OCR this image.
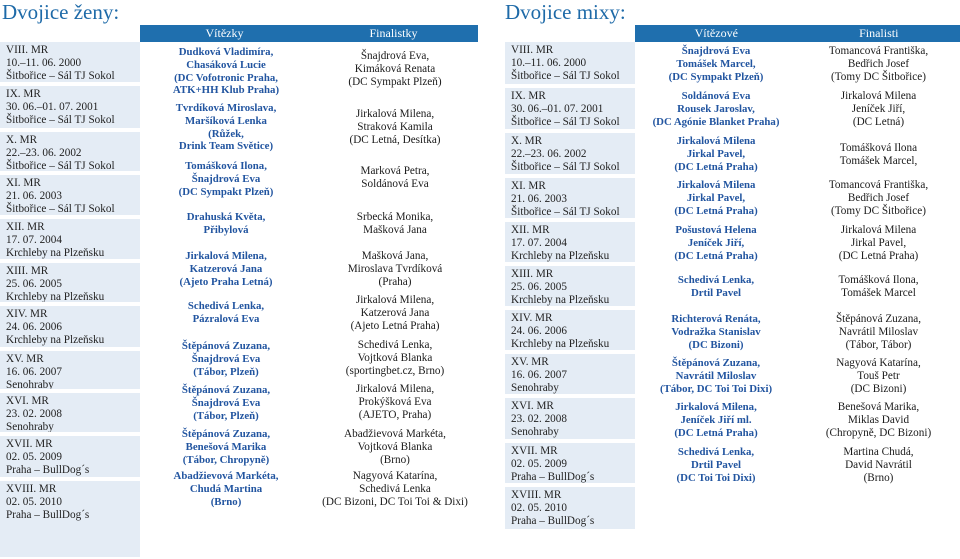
Dvojice ženy:
Vítězky	Finalistky
VIII. MR
10.–11. 06. 2000
Šitbořice – Sál TJ Sokol
IX. MR
30. 06.–01. 07. 2001
Šitbořice – Sál TJ Sokol
X. MR
22.–23. 06. 2002
Šitbořice – Sál TJ Sokol
XI. MR
21. 06. 2003
Šitbořice – Sál TJ Sokol
XII. MR
17. 07. 2004
Krchleby na Plzeňsku
XIII. MR
25. 06. 2005
Krchleby na Plzeňsku
XIV. MR
24. 06. 2006
Krchleby na Plzeňsku
XV. MR
16. 06. 2007
Senohraby
XVI. MR
23. 02. 2008
Senohraby
XVII. MR
02. 05. 2009
Praha – BullDog´s
XVIII. MR
02. 05. 2010
Praha – BullDog´s
Dudková Vladimíra,
Chasáková Lucie
(DC Vofotronic Praha,
ATK+HH Klub Praha)
Tvrdíková Miroslava,
Maršíková Lenka
(Růžek,
Drink Team Světice)
Tomášková Ilona,
Šnajdrová Eva
(DC Sympakt Plzeň)
Drahuská Květa,
Přibylová
Jirkalová Milena,
Katzerová Jana
(Ajeto Praha Letná)
Schedivá Lenka,
Pázralová Eva
Štěpánová Zuzana,
Šnajdrová Eva
(Tábor, Plzeň)
Štěpánová Zuzana,
Šnajdrová Eva
(Tábor, Plzeň)
Štěpánová Zuzana,
Benešová Marika
(Tábor, Chropyně)
Abadžievová Markéta,
Chudá Martina
(Brno)
Šnajdrová Eva,
Kimáková Renata
(DC Sympakt Plzeň)
Jirkalová Milena,
Straková Kamila
(DC Letná, Desítka)
Marková Petra,
Soldánová Eva
Srbecká Monika,
Mašková Jana
Mašková Jana,
Miroslava Tvrdíková
(Praha)
Jirkalová Milena,
Katzerová Jana
(Ajeto Letná Praha)
Schedivá Lenka,
Vojtková Blanka
(sportingbet.cz, Brno)
Jirkalová Milena,
Prokýšková Eva
(AJETO, Praha)
Abadžievová Markéta,
Vojtková Blanka
(Brno)
Nagyová Katarína,
Schedivá Lenka
(DC Bizoni, DC Toi Toi & Dixi)
Dvojice mixy:
Vítězové	Finalisti
VIII. MR
10.–11. 06. 2000
Šitbořice – Sál TJ Sokol
IX. MR
30. 06.–01. 07. 2001
Šitbořice – Sál TJ Sokol
X. MR
22.–23. 06. 2002
Šitbořice – Sál TJ Sokol
XI. MR
21. 06. 2003
Šitbořice – Sál TJ Sokol
XII. MR
17. 07. 2004
Krchleby na Plzeňsku
XIII. MR
25. 06. 2005
Krchleby na Plzeňsku
XIV. MR
24. 06. 2006
Krchleby na Plzeňsku
XV. MR
16. 06. 2007
Senohraby
XVI. MR
23. 02. 2008
Senohraby
XVII. MR
02. 05. 2009
Praha – BullDog´s
XVIII. MR
02. 05. 2010
Praha – BullDog´s
Šnajdrová Eva
Tomášek Marcel,
(DC Sympakt Plzeň)
Soldánová Eva
Rousek Jaroslav,
(DC Agónie Blanket Praha)
Jirkalová Milena
Jirkal Pavel,
(DC Letná Praha)
Jirkalová Milena
Jirkal Pavel,
(DC Letná Praha)
Pošustová Helena
Jeníček Jiří,
(DC Letná Praha)
Schedivá Lenka,
Drtil Pavel
Richterová Renáta,
Vodražka Stanislav
(DC Bizoni)
Štěpánová Zuzana,
Navrátil Miloslav
(Tábor, DC Toi Toi Dixi)
Jirkalová Milena,
Jeníček Jiří ml.
(DC Letná Praha)
Schedivá Lenka,
Drtil Pavel
(DC Toi Toi Dixi)
Tomancová Františka,
Bedřich Josef
(Tomy DC Šitbořice)
Jirkalová Milena
Jeníček Jiří,
(DC Letná)
Tomášková Ilona
Tomášek Marcel,
Tomancová Františka,
Bedřich Josef
(Tomy DC Šitbořice)
Jirkalová Milena
Jirkal Pavel,
(DC Letná Praha)
Tomášková Ilona,
Tomášek Marcel
Štěpánová Zuzana,
Navrátil Miloslav
(Tábor, Tábor)
Nagyová Katarína,
Touš Petr
(DC Bizoni)
Benešová Marika,
Miklas David
(Chropyně, DC Bizoni)
Martina Chudá,
David Navrátil
(Brno)
